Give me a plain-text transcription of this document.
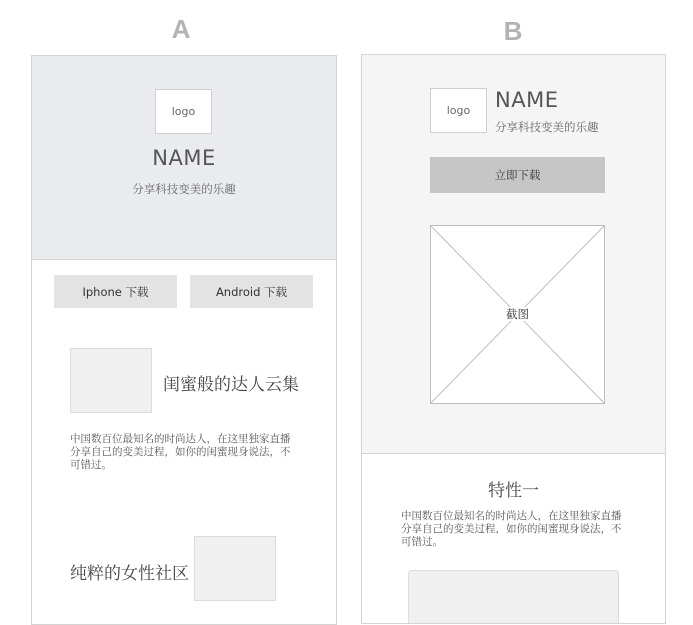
A	B
logo
NAME
分享科技变美的乐趣
Iphone 下载	Android 下载
闺蜜般的达人云集
中国数百位最知名的时尚达人，在这里独家直播
分享自己的变美过程，如你的闺蜜现身说法，不
可错过。
纯粹的女性社区
logo NAME
分享科技变美的乐趣
立即下载
截图
特性一
中国数百位最知名的时尚达人，在这里独家直播
分享自己的变美过程，如你的闺蜜现身说法，不
可错过。
